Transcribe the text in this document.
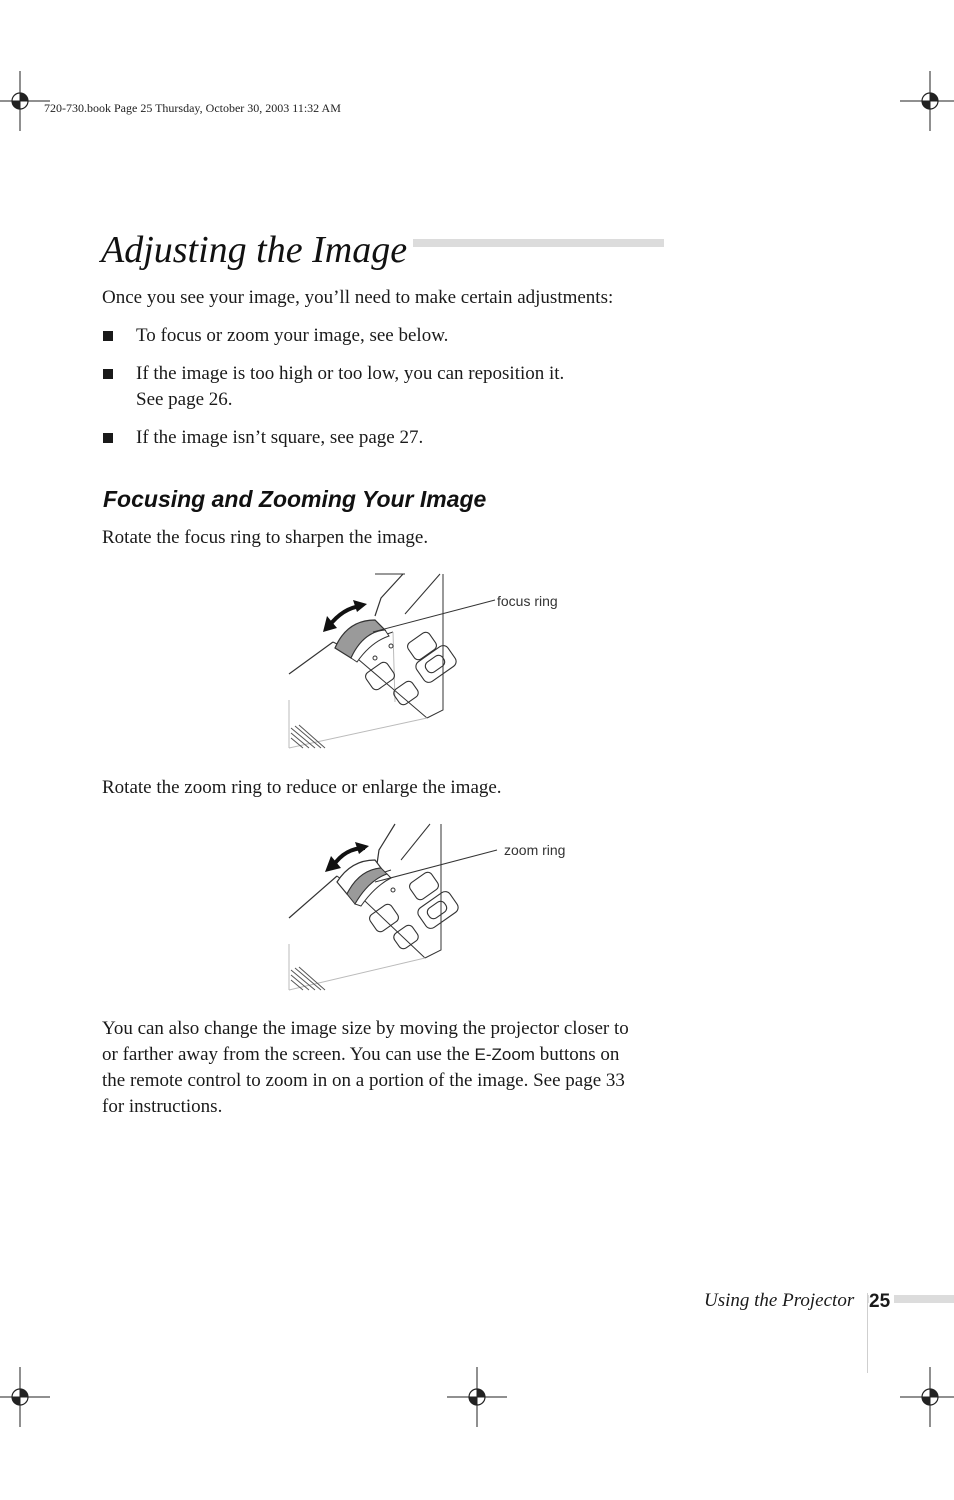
720-730.book Page 25 Thursday, October 30, 2003 11:32 AM
Adjusting the Image
Once you see your image, you’ll need to make certain adjustments:
To focus or zoom your image, see below.
If the image is too high or too low, you can reposition it.
See page 26.
If the image isn’t square, see page 27.
Focusing and Zooming Your Image
Rotate the focus ring to sharpen the image.
focus ring
Rotate the zoom ring to reduce or enlarge the image.
zoom ring
You can also change the image size by moving the projector closer to
or farther away from the screen. You can use the E-Zoom buttons on
the remote control to zoom in on a portion of the image. See page 33
for instructions.
Using the Projector 25
